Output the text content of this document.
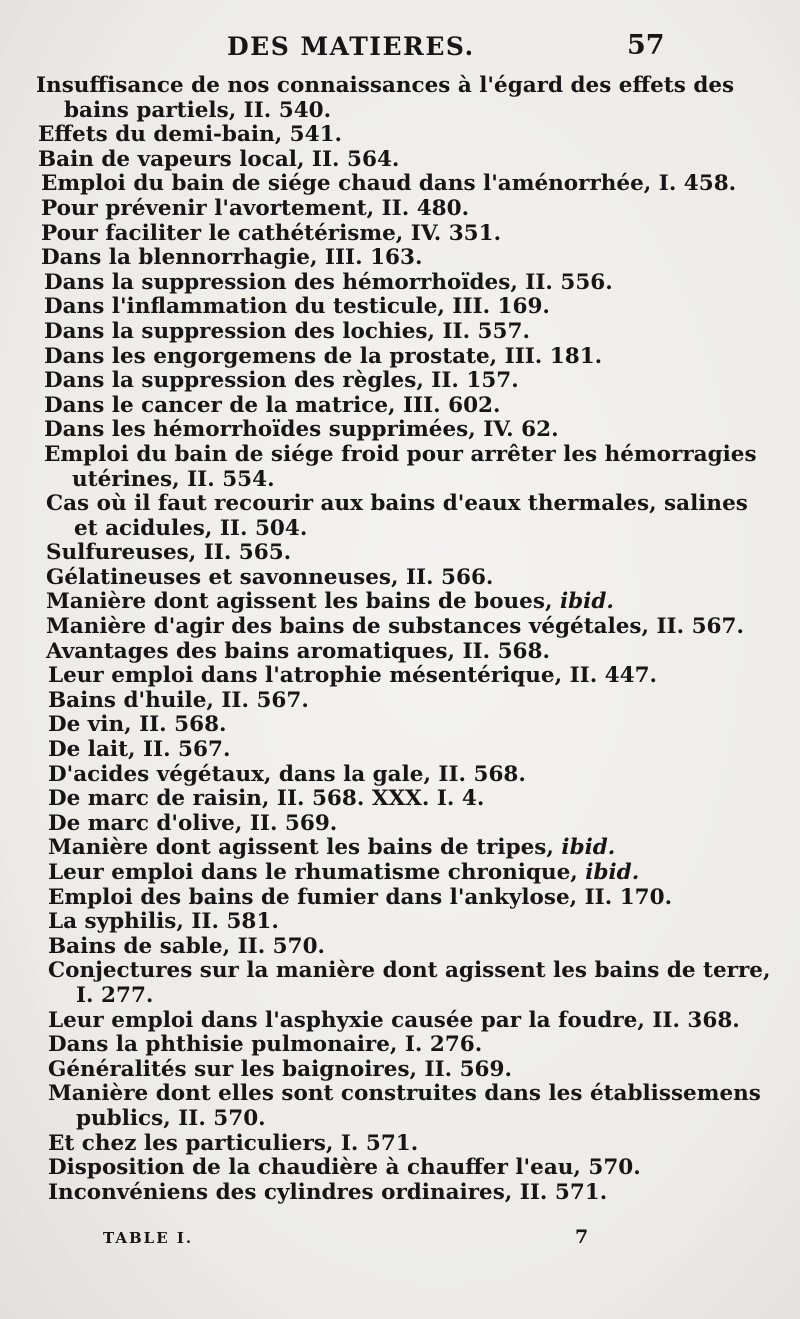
DES MATIERES.	57
Insuffisance de nos connaissances à l'égard des effets des
bains partiels, II. 540.
Effets du demi-bain, 541.
Bain de vapeurs local, II. 564.
Emploi du bain de siége chaud dans l'aménorrhée, I. 458.
Pour prévenir l'avortement, II. 480.
Pour faciliter le cathétérisme, IV. 351.
Dans la blennorrhagie, III. 163.
Dans la suppression des hémorrhoïdes, II. 556.
Dans l'inflammation du testicule, III. 169.
Dans la suppression des lochies, II. 557.
Dans les engorgemens de la prostate, III. 181.
Dans la suppression des règles, II. 157.
Dans le cancer de la matrice, III. 602.
Dans les hémorrhoïdes supprimées, IV. 62.
Emploi du bain de siége froid pour arrêter les hémorragies
utérines, II. 554.
Cas où il faut recourir aux bains d'eaux thermales, salines
et acidules, II. 504.
Sulfureuses, II. 565.
Gélatineuses et savonneuses, II. 566.
Manière dont agissent les bains de boues, ibid.
Manière d'agir des bains de substances végétales, II. 567.
Avantages des bains aromatiques, II. 568.
Leur emploi dans l'atrophie mésentérique, II. 447.
Bains d'huile, II. 567.
De vin, II. 568.
De lait, II. 567.
D'acides végétaux, dans la gale, II. 568.
De marc de raisin, II. 568. XXX. I. 4.
De marc d'olive, II. 569.
Manière dont agissent les bains de tripes, ibid.
Leur emploi dans le rhumatisme chronique, ibid.
Emploi des bains de fumier dans l'ankylose, II. 170.
La syphilis, II. 581.
Bains de sable, II. 570.
Conjectures sur la manière dont agissent les bains de terre,
I. 277.
Leur emploi dans l'asphyxie causée par la foudre, II. 368.
Dans la phthisie pulmonaire, I. 276.
Généralités sur les baignoires, II. 569.
Manière dont elles sont construites dans les établissemens
publics, II. 570.
Et chez les particuliers, I. 571.
Disposition de la chaudière à chauffer l'eau, 570.
Inconvéniens des cylindres ordinaires, II. 571.
TABLE I.	7
